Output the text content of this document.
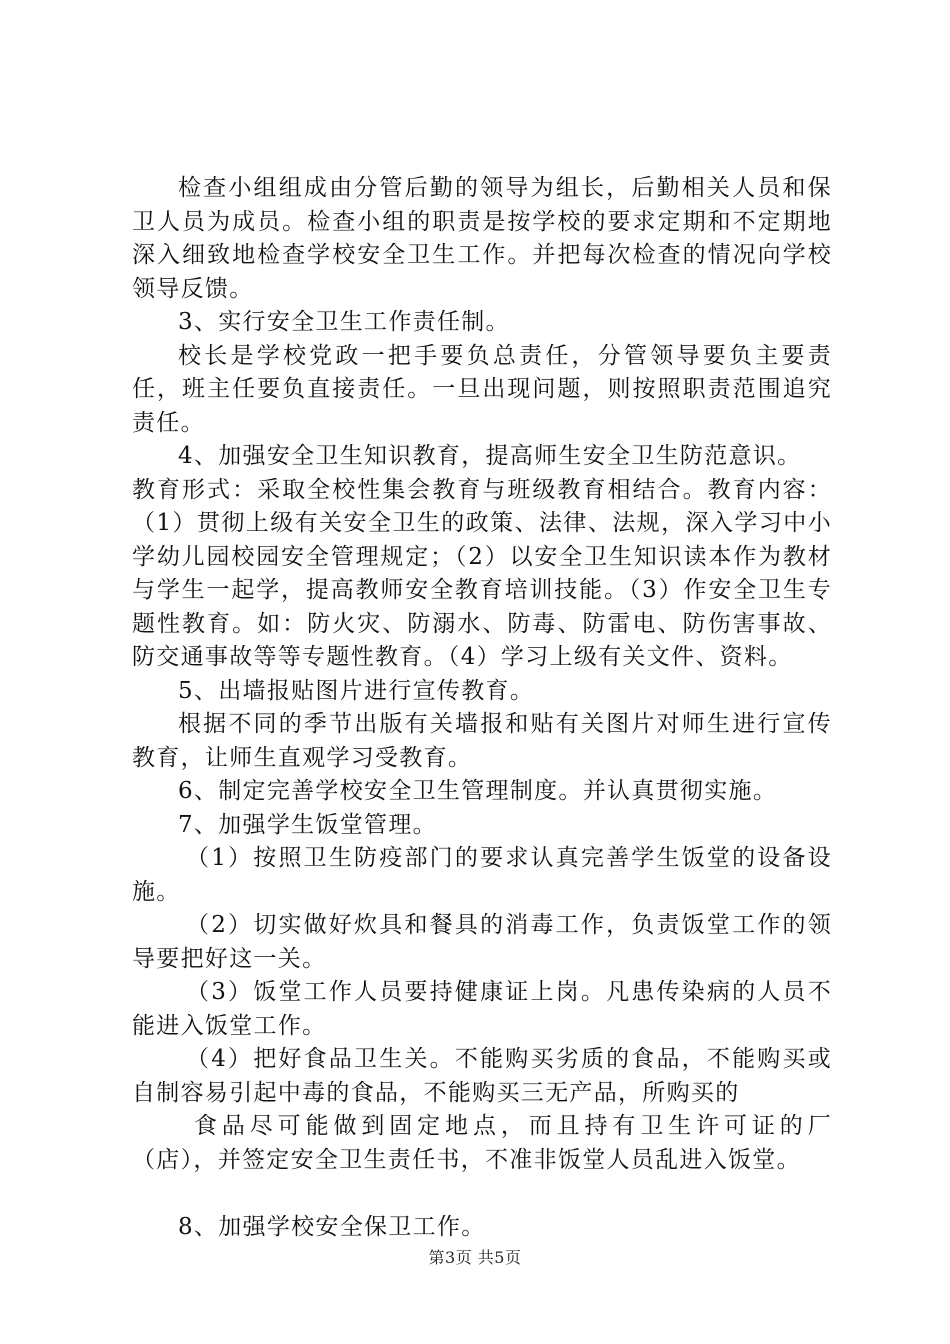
检查小组组成由分管后勤的领导为组长，后勤相关人员和保卫人员为成员。检查小组的职责是按学校的要求定期和不定期地深入细致地检查学校安全卫生工作。并把每次检查的情况向学校领导反馈。

3、实行安全卫生工作责任制。

校长是学校党政一把手要负总责任，分管领导要负主要责任，班主任要负直接责任。一旦出现问题，则按照职责范围追究责任。

4、加强安全卫生知识教育，提高师生安全卫生防范意识。

教育形式：采取全校性集会教育与班级教育相结合。教育内容：（1）贯彻上级有关安全卫生的政策、法律、法规，深入学习中小学幼儿园校园安全管理规定；（2）以安全卫生知识读本作为教材与学生一起学，提高教师安全教育培训技能。（3）作安全卫生专题性教育。如：防火灾、防溺水、防毒、防雷电、防伤害事故、防交通事故等等专题性教育。（4）学习上级有关文件、资料。

5、出墙报贴图片进行宣传教育。

根据不同的季节出版有关墙报和贴有关图片对师生进行宣传教育，让师生直观学习受教育。

6、制定完善学校安全卫生管理制度。并认真贯彻实施。

7、加强学生饭堂管理。

（1）按照卫生防疫部门的要求认真完善学生饭堂的设备设施。

（2）切实做好炊具和餐具的消毒工作，负责饭堂工作的领导要把好这一关。

（3）饭堂工作人员要持健康证上岗。凡患传染病的人员不能进入饭堂工作。

（4）把好食品卫生关。不能购买劣质的食品，不能购买或自制容易引起中毒的食品，不能购买三无产品，所购买的

食品尽可能做到固定地点，而且持有卫生许可证的厂（店），并签定安全卫生责任书，不准非饭堂人员乱进入饭堂。

8、加强学校安全保卫工作。

第3页 共5页
